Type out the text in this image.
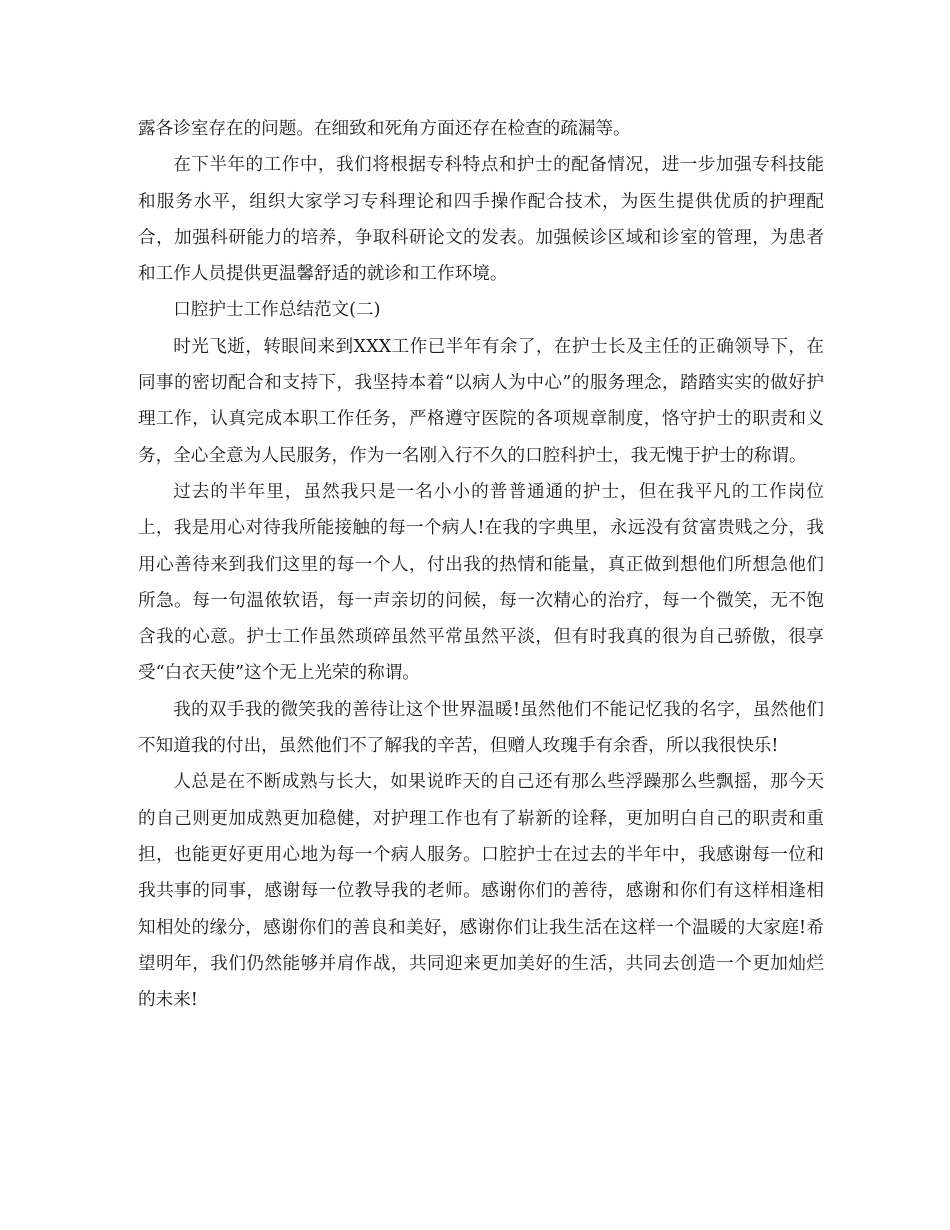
露各诊室存在的问题。在细致和死角方面还存在检查的疏漏等。

在下半年的工作中，我们将根据专科特点和护士的配备情况，进一步加强专科技能和服务水平，组织大家学习专科理论和四手操作配合技术，为医生提供优质的护理配合，加强科研能力的培养，争取科研论文的发表。加强候诊区域和诊室的管理，为患者和工作人员提供更温馨舒适的就诊和工作环境。

口腔护士工作总结范文(二)

时光飞逝，转眼间来到XXX工作已半年有余了，在护士长及主任的正确领导下，在同事的密切配合和支持下，我坚持本着“以病人为中心”的服务理念，踏踏实实的做好护理工作，认真完成本职工作任务，严格遵守医院的各项规章制度，恪守护士的职责和义务，全心全意为人民服务，作为一名刚入行不久的口腔科护士，我无愧于护士的称谓。

过去的半年里，虽然我只是一名小小的普普通通的护士，但在我平凡的工作岗位上，我是用心对待我所能接触的每一个病人!在我的字典里，永远没有贫富贵贱之分，我用心善待来到我们这里的每一个人，付出我的热情和能量，真正做到想他们所想急他们所急。每一句温侬软语，每一声亲切的问候，每一次精心的治疗，每一个微笑，无不饱含我的心意。护士工作虽然琐碎虽然平常虽然平淡，但有时我真的很为自己骄傲，很享受“白衣天使”这个无上光荣的称谓。

我的双手我的微笑我的善待让这个世界温暖!虽然他们不能记忆我的名字，虽然他们不知道我的付出，虽然他们不了解我的辛苦，但赠人玫瑰手有余香，所以我很快乐!

人总是在不断成熟与长大，如果说昨天的自己还有那么些浮躁那么些飘摇，那今天的自己则更加成熟更加稳健，对护理工作也有了崭新的诠释，更加明白自己的职责和重担，也能更好更用心地为每一个病人服务。口腔护士在过去的半年中，我感谢每一位和我共事的同事，感谢每一位教导我的老师。感谢你们的善待，感谢和你们有这样相逢相知相处的缘分，感谢你们的善良和美好，感谢你们让我生活在这样一个温暖的大家庭!希望明年，我们仍然能够并肩作战，共同迎来更加美好的生活，共同去创造一个更加灿烂的未来!
